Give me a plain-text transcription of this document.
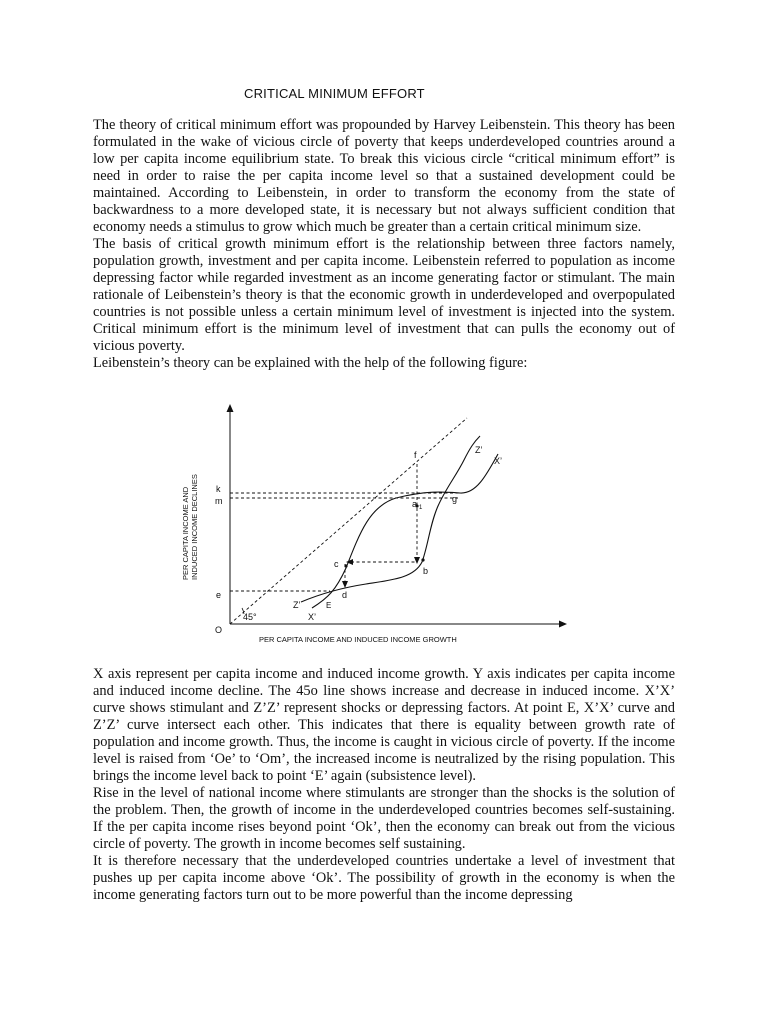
CRITICAL MINIMUM EFFORT

The theory of critical minimum effort was propounded by Harvey Leibenstein. This theory has been formulated in the wake of vicious circle of poverty that keeps underdeveloped countries around a low per capita income equilibrium state. To break this vicious circle “critical minimum effort” is need in order to raise the per capita income level so that a sustained development could be maintained. According to Leibenstein, in order to transform the economy from the state of backwardness to a more developed state, it is necessary but not always sufficient condition that economy needs a stimulus to grow which much be greater than a certain critical minimum size.

The basis of critical growth minimum effort is the relationship between three factors namely, population growth, investment and per capita income. Leibenstein referred to population as income depressing factor while regarded investment as an income generating factor or stimulant. The main rationale of Leibenstein’s theory is that the economic growth in underdeveloped and overpopulated countries is not possible unless a certain minimum level of investment is injected into the system. Critical minimum effort is the minimum level of investment that can pulls the economy out of vicious poverty.

Leibenstein’s theory can be explained with the help of the following figure:

PER CAPITA INCOME AND INDUCED INCOME DECLINES
PER CAPITA INCOME AND INDUCED INCOME GROWTH
O
45°
k
m
e
f
g
a 1
b
c
d
E
Z’
X’
Z’
X’

X axis represent per capita income and induced income growth. Y axis indicates per capita income and induced income decline. The 45o line shows increase and decrease in induced income. X’X’ curve shows stimulant and Z’Z’ represent shocks or depressing factors. At point E, X’X’ curve and Z’Z’ curve intersect each other. This indicates that there is equality between growth rate of population and income growth. Thus, the income is caught in vicious circle of poverty. If the income level is raised from ‘Oe’ to ‘Om’, the increased income is neutralized by the rising population. This brings the income level back to point ‘E’ again (subsistence level).

Rise in the level of national income where stimulants are stronger than the shocks is the solution of the problem. Then, the growth of income in the underdeveloped countries becomes self-sustaining. If the per capita income rises beyond point ‘Ok’, then the economy can break out from the vicious circle of poverty. The growth in income becomes self sustaining.

It is therefore necessary that the underdeveloped countries undertake a level of investment that pushes up per capita income above ‘Ok’. The possibility of growth in the economy is when the income generating factors turn out to be more powerful than the income depressing
